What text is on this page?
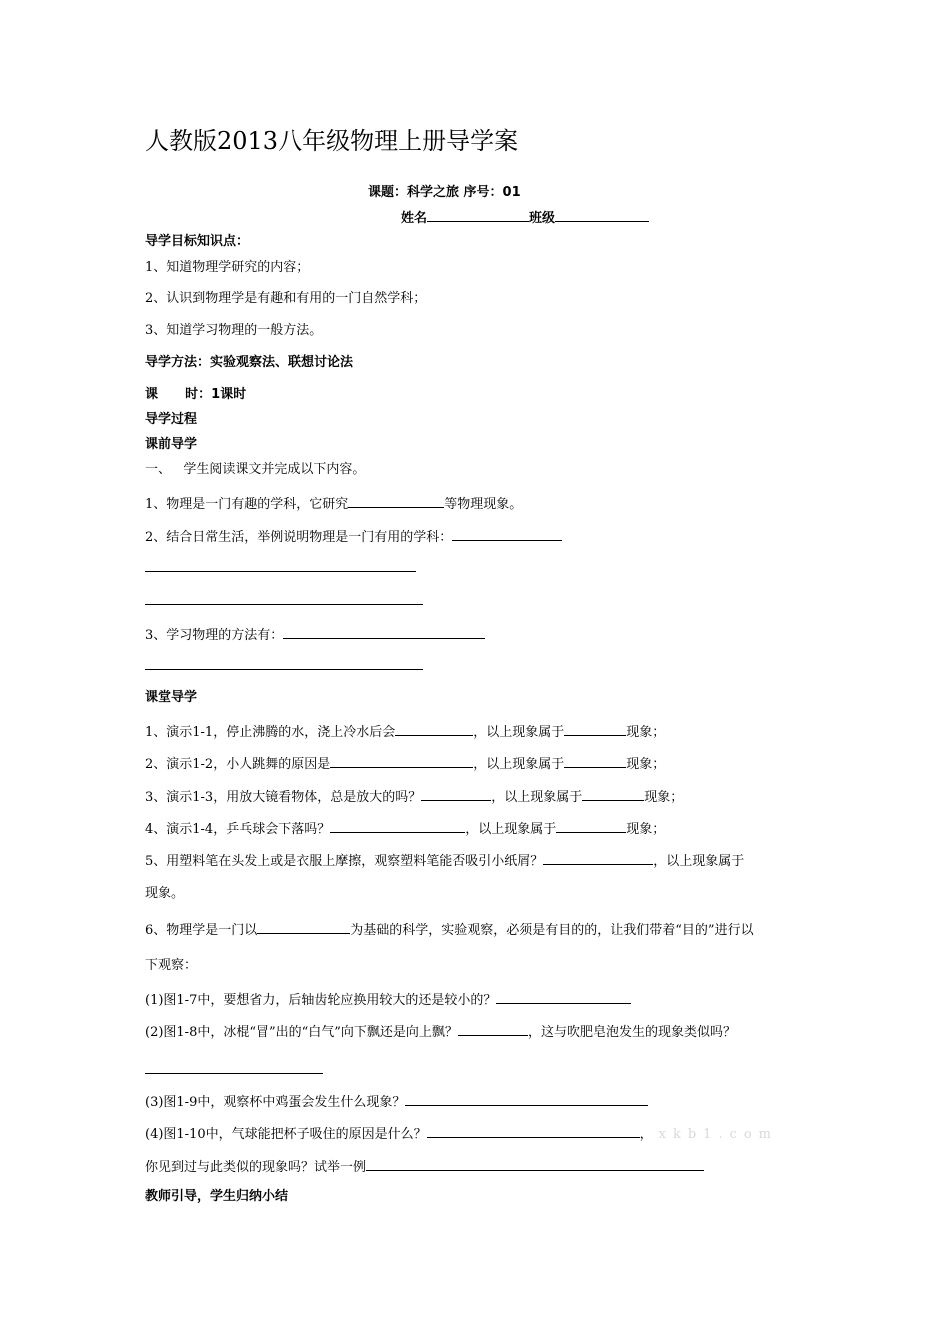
人教版2013八年级物理上册导学案
课题：科学之旅 序号：01
姓名	班级
导学目标知识点：
1、知道物理学研究的内容；
2、认识到物理学是有趣和有用的一门自然学科；
3、知道学习物理的一般方法。
导学方法：实验观察法、联想讨论法
课      时：1课时
导学过程
课前导学
一、   学生阅读课文并完成以下内容。
1、物理是一门有趣的学科，它研究	等物理现象。
2、结合日常生活，举例说明物理是一门有用的学科：
3、学习物理的方法有：
课堂导学
1、演示1-1，停止沸腾的水，浇上冷水后会	，以上现象属于	现象；
2、演示1-2，小人跳舞的原因是	，以上现象属于	现象；
3、演示1-3，用放大镜看物体，总是放大的吗？	，以上现象属于	现象；
4、演示1-4，乒乓球会下落吗？	，以上现象属于	现象；
5、用塑料笔在头发上或是衣服上摩擦，观察塑料笔能否吸引小纸屑？	，以上现象属于
现象。
6、物理学是一门以	为基础的科学，实验观察，必须是有目的的，让我们带着“目的”进行以
下观察：
(1)图1-7中，要想省力，后轴齿轮应换用较大的还是较小的？
(2)图1-8中，冰棍“冒”出的“白气”向下飘还是向上飘？	，这与吹肥皂泡发生的现象类似吗？
(3)图1-9中，观察杯中鸡蛋会发生什么现象？
(4)图1-10中，气球能把杯子吸住的原因是什么？	， xkb1.com
你见到过与此类似的现象吗？试举一例
教师引导，学生归纳小结
